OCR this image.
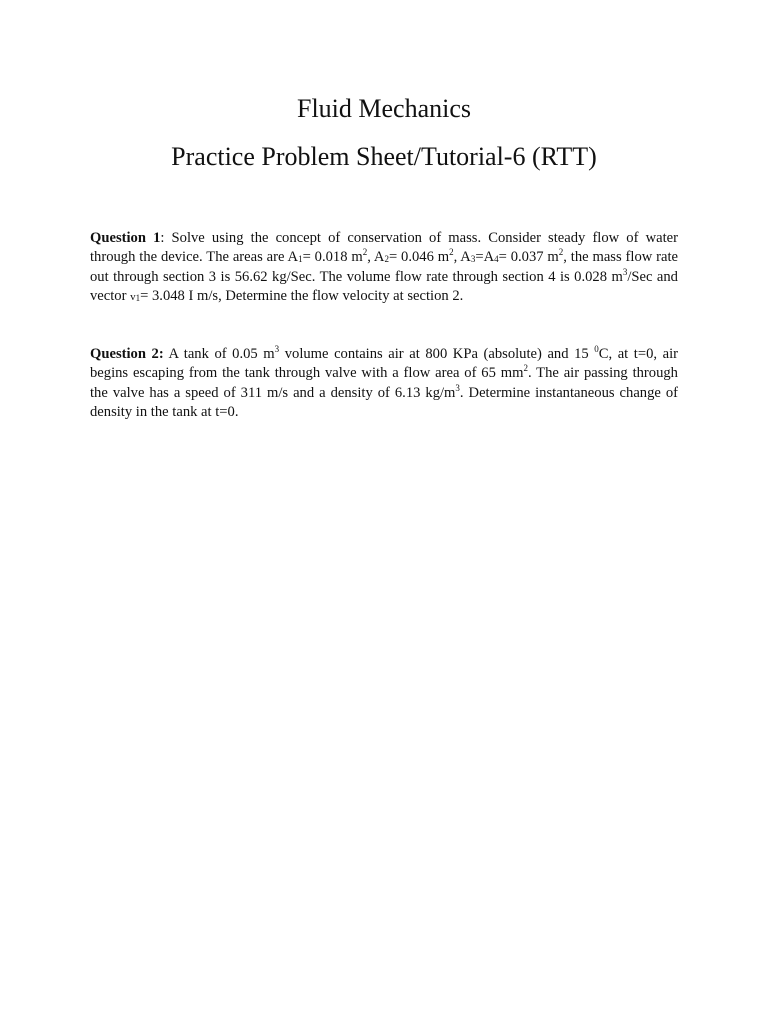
Fluid Mechanics
Practice Problem Sheet/Tutorial-6 (RTT)

Question 1: Solve using the concept of conservation of mass. Consider steady flow of water through the device. The areas are $A_1= 0.018$ $m^2$, $A_2= 0.046$ $m^2$, $A_3=A_4= 0.037$ $m^2$, the mass flow rate out through section 3 is 56.62 kg/Sec. The volume flow rate through section 4 is 0.028 $m^3$/Sec and vector $v_1= 3.048$ I m/s, Determine the flow velocity at section 2.

Question 2: A tank of 0.05 $m^3$ volume contains air at 800 KPa (absolute) and 15 $^0$C, at t=0, air begins escaping from the tank through valve with a flow area of 65 $mm^2$. The air passing through the valve has a speed of 311 m/s and a density of 6.13 $kg/m^3$. Determine instantaneous change of density in the tank at t=0.
